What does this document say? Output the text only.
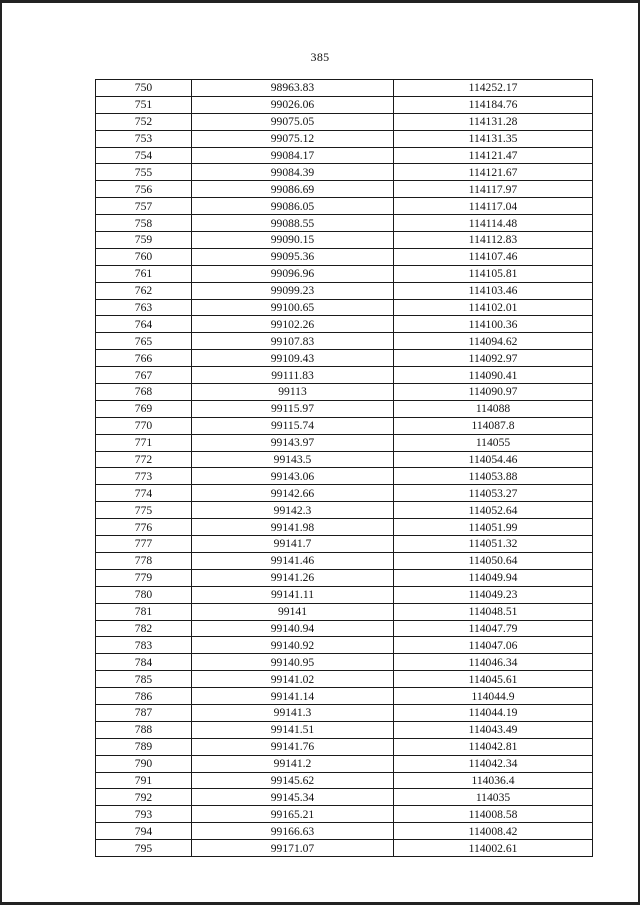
385
750	98963.83	114252.17
751	99026.06	114184.76
752	99075.05	114131.28
753	99075.12	114131.35
754	99084.17	114121.47
755	99084.39	114121.67
756	99086.69	114117.97
757	99086.05	114117.04
758	99088.55	114114.48
759	99090.15	114112.83
760	99095.36	114107.46
761	99096.96	114105.81
762	99099.23	114103.46
763	99100.65	114102.01
764	99102.26	114100.36
765	99107.83	114094.62
766	99109.43	114092.97
767	99111.83	114090.41
768	99113	114090.97
769	99115.97	114088
770	99115.74	114087.8
771	99143.97	114055
772	99143.5	114054.46
773	99143.06	114053.88
774	99142.66	114053.27
775	99142.3	114052.64
776	99141.98	114051.99
777	99141.7	114051.32
778	99141.46	114050.64
779	99141.26	114049.94
780	99141.11	114049.23
781	99141	114048.51
782	99140.94	114047.79
783	99140.92	114047.06
784	99140.95	114046.34
785	99141.02	114045.61
786	99141.14	114044.9
787	99141.3	114044.19
788	99141.51	114043.49
789	99141.76	114042.81
790	99141.2	114042.34
791	99145.62	114036.4
792	99145.34	114035
793	99165.21	114008.58
794	99166.63	114008.42
795	99171.07	114002.61
